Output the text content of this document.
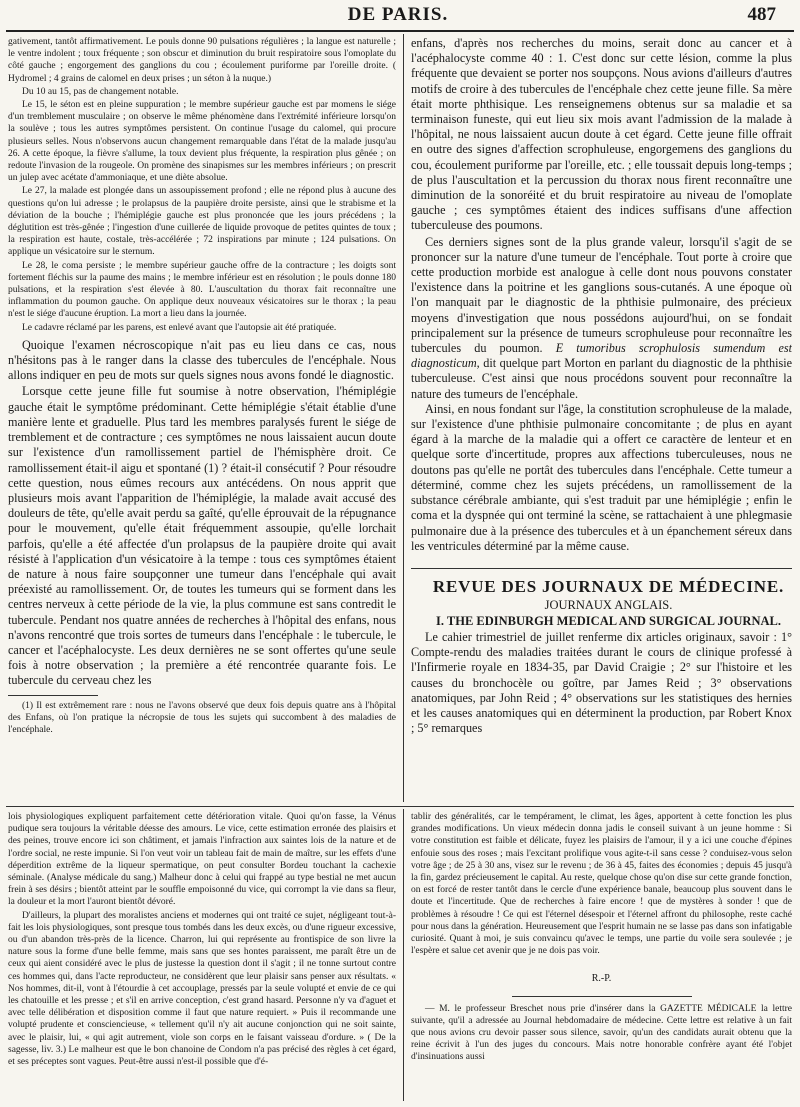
DE PARIS.	487

gativement, tantôt affirmativement. Le pouls donne 90 pulsations régulières ; la langue est naturelle ; le ventre indolent ; toux fréquente ; son obscur et diminution du bruit respiratoire sous l'omoplate du côté gauche ; engorgement des ganglions du cou ; écoulement puriforme par l'oreille droite. ( Hydromel ; 4 grains de calomel en deux prises ; un séton à la nuque.)

Du 10 au 15, pas de changement notable.

Le 15, le séton est en pleine suppuration ; le membre supérieur gauche est par momens le siége d'un tremblement musculaire ; on observe le même phénomène dans l'extrémité inférieure lorsqu'on la soulève ; tous les autres symptômes persistent. On continue l'usage du calomel, qui procure plusieurs selles. Nous n'observons aucun changement remarquable dans l'état de la malade jusqu'au 26. A cette époque, la fièvre s'allume, la toux devient plus fréquente, la respiration plus gênée ; on redoute l'invasion de la rougeole. On promène des sinapismes sur les membres inférieurs ; on prescrit un julep avec acétate d'ammoniaque, et une diète absolue.

Le 27, la malade est plongée dans un assoupissement profond ; elle ne répond plus à aucune des questions qu'on lui adresse ; le prolapsus de la paupière droite persiste, ainsi que le strabisme et la déviation de la bouche ; l'hémiplégie gauche est plus prononcée que les jours précédens ; la déglutition est très-gênée ; l'ingestion d'une cuillerée de liquide provoque de petites quintes de toux ; la respiration est haute, costale, très-accélérée ; 72 inspirations par minute ; 124 pulsations. On applique un vésicatoire sur le sternum.

Le 28, le coma persiste ; le membre supérieur gauche offre de la contracture ; les doigts sont fortement fléchis sur la paume des mains ; le membre inférieur est en résolution ; le pouls donne 180 pulsations, et la respiration s'est élevée à 80. L'auscultation du thorax fait reconnaître une inflammation du poumon gauche. On applique deux nouveaux vésicatoires sur le thorax ; la peau n'est le siége d'aucune éruption. La mort a lieu dans la journée.

Le cadavre réclamé par les parens, est enlevé avant que l'autopsie ait été pratiquée.

Quoique l'examen nécroscopique n'ait pas eu lieu dans ce cas, nous n'hésitons pas à le ranger dans la classe des tubercules de l'encéphale. Nous allons indiquer en peu de mots sur quels signes nous avons fondé le diagnostic.

Lorsque cette jeune fille fut soumise à notre observation, l'hémiplégie gauche était le symptôme prédominant. Cette hémiplégie s'était établie d'une manière lente et graduelle. Plus tard les membres paralysés furent le siége de tremblement et de contracture ; ces symptômes ne nous laissaient aucun doute sur l'existence d'un ramollissement partiel de l'hémisphère droit. Ce ramollissement était-il aigu et spontané (1) ? était-il consécutif ? Pour résoudre cette question, nous eûmes recours aux antécédens. On nous apprit que plusieurs mois avant l'apparition de l'hémiplégie, la malade avait accusé des douleurs de tête, qu'elle avait perdu sa gaîté, qu'elle éprouvait de la répugnance pour le mouvement, qu'elle était fréquemment assoupie, qu'elle lorchait parfois, qu'elle a été affectée d'un prolapsus de la paupière droite qui avait résisté à l'application d'un vésicatoire à la tempe : tous ces symptômes étaient de nature à nous faire soupçonner une tumeur dans l'encéphale qui avait préexisté au ramollissement. Or, de toutes les tumeurs qui se forment dans les centres nerveux à cette période de la vie, la plus commune est sans contredit le tubercule. Pendant nos quatre années de recherches à l'hôpital des enfans, nous n'avons rencontré que trois sortes de tumeurs dans l'encéphale : le tubercule, le cancer et l'acéphalocyste. Les deux dernières ne se sont offertes qu'une seule fois à notre observation ; la première a été rencontrée quarante fois. Le tubercule du cerveau chez les

(1) Il est extrêmement rare : nous ne l'avons observé que deux fois depuis quatre ans à l'hôpital des Enfans, où l'on pratique la nécropsie de tous les sujets qui succombent à des maladies de l'encéphale.

enfans, d'après nos recherches du moins, serait donc au cancer et à l'acéphalocyste comme 40 : 1. C'est donc sur cette lésion, comme la plus fréquente que devaient se porter nos soupçons. Nous avions d'ailleurs d'autres motifs de croire à des tubercules de l'encéphale chez cette jeune fille. Sa mère était morte phthisique. Les renseignemens obtenus sur sa maladie et sa terminaison funeste, qui eut lieu six mois avant l'admission de la malade à l'hôpital, ne nous laissaient aucun doute à cet égard. Cette jeune fille offrait en outre des signes d'affection scrophuleuse, engorgemens des ganglions du cou, écoulement puriforme par l'oreille, etc. ; elle toussait depuis long-temps ; de plus l'auscultation et la percussion du thorax nous firent reconnaître une diminution de la sonoréité et du bruit respiratoire au niveau de l'omoplate gauche ; ces symptômes étaient des indices suffisans d'une affection tuberculeuse des poumons.

Ces derniers signes sont de la plus grande valeur, lorsqu'il s'agit de se prononcer sur la nature d'une tumeur de l'encéphale. Tout porte à croire que cette production morbide est analogue à celle dont nous pouvons constater l'existence dans la poitrine et les ganglions sous-cutanés. A une époque où l'on manquait par le diagnostic de la phthisie pulmonaire, des précieux moyens d'investigation que nous possédons aujourd'hui, on se fondait principalement sur la présence de tumeurs scrophuleuse pour reconnaître les tubercules du poumon. E tumoribus scrophulosis sumendum est diagnosticum, dit quelque part Morton en parlant du diagnostic de la phthisie tuberculeuse. C'est ainsi que nous procédons souvent pour reconnaître la nature des tumeurs de l'encéphale.

Ainsi, en nous fondant sur l'âge, la constitution scrophuleuse de la malade, sur l'existence d'une phthisie pulmonaire concomitante ; de plus en ayant égard à la marche de la maladie qui a offert ce caractère de lenteur et en quelque sorte d'incertitude, propres aux affections tuberculeuses, nous ne doutons pas qu'elle ne portât des tubercules dans l'encéphale. Cette tumeur a déterminé, comme chez les sujets précédens, un ramollissement de la substance cérébrale ambiante, qui s'est traduit par une hémiplégie ; enfin le coma et la dyspnée qui ont terminé la scène, se rattachaient à une phlegmasie pulmonaire due à la présence des tubercules et à un épanchement séreux dans les ventricules déterminé par la même cause.

REVUE DES JOURNAUX DE MÉDECINE.

JOURNAUX ANGLAIS.

I. THE EDINBURGH MEDICAL AND SURGICAL JOURNAL.

Le cahier trimestriel de juillet renferme dix articles originaux, savoir : 1° Compte-rendu des maladies traitées durant le cours de clinique professé à l'Infirmerie royale en 1834-35, par David Craigie ; 2° sur l'histoire et les causes du bronchocèle ou goître, par James Reid ; 3° observations anatomiques, par John Reid ; 4° observations sur les statistiques des hernies et les causes anatomiques qui en déterminent la production, par Robert Knox ; 5° remarques

lois physiologiques expliquent parfaitement cette détérioration vitale. Quoi qu'on fasse, la Vénus pudique sera toujours la véritable déesse des amours. Le vice, cette estimation erronée des plaisirs et des peines, trouve encore ici son châtiment, et jamais l'infraction aux saintes lois de la nature et de l'ordre social, ne reste impunie. Si l'on veut voir un tableau fait de main de maître, sur les effets d'une déperdition extrême de la liqueur spermatique, on peut consulter Bordeu touchant la cachexie séminale. (Analyse médicale du sang.) Malheur donc à celui qui frappé au type bestial ne met aucun frein à ses désirs ; bientôt atteint par le souffle empoisonné du vice, qui corrompt la vie dans sa fleur, la douleur et la mort l'auront bientôt dévoré.

D'ailleurs, la plupart des moralistes anciens et modernes qui ont traité ce sujet, négligeant tout-à-fait les lois physiologiques, sont presque tous tombés dans les deux excès, ou d'une rigueur excessive, ou d'un abandon très-près de la licence. Charron, lui qui représente au frontispice de son livre la nature sous la forme d'une belle femme, mais sans que ses hontes paraissent, me paraît être un de ceux qui aient considéré avec le plus de justesse la question dont il s'agit ; il ne tonne surtout contre ces hommes qui, dans l'acte reproducteur, ne considèrent que leur plaisir sans penser aux résultats. « Nos hommes, dit-il, vont à l'étourdie à cet accouplage, pressés par la seule volupté et envie de ce qui les chatouille et les presse ; et s'il en arrive conception, c'est grand hasard. Personne n'y va d'aguet et avec telle délibération et disposition comme il faut que nature requiert. » Puis il recommande une volupté prudente et consciencieuse, « tellement qu'il n'y ait aucune conjonction qui ne soit sainte, avec le plaisir, lui, « qui agit autrement, viole son corps en le faisant vaisseau d'ordure. » ( De la sagesse, liv. 3.) Le malheur est que le bon chanoine de Condom n'a pas précisé des règles à cet égard, et ses préceptes sont vagues. Peut-être aussi n'est-il possible que d'é-

tablir des généralités, car le tempérament, le climat, les âges, apportent à cette fonction les plus grandes modifications. Un vieux médecin donna jadis le conseil suivant à un jeune homme : Si votre constitution est faible et délicate, fuyez les plaisirs de l'amour, il y a ici une couche d'épines enfouie sous des roses ; mais l'excitant prolifique vous agite-t-il sans cesse ? conduisez-vous selon votre âge ; de 25 à 30 ans, visez sur le revenu ; de 36 à 45, faites des économies ; depuis 45 jusqu'à la fin, gardez précieusement le capital. Au reste, quelque chose qu'on dise sur cette grande fonction, on est forcé de rester tantôt dans le cercle d'une expérience banale, beaucoup plus souvent dans le doute et l'incertitude. Que de recherches à faire encore ! que de mystères à sonder ! que de problèmes à résoudre ! Ce qui est l'éternel désespoir et l'éternel affront du philosophe, reste caché pour nous dans la génération. Heureusement que l'esprit humain ne se lasse pas dans son infatigable curiosité. Quant à moi, je suis convaincu qu'avec le temps, une partie du voile sera soulevée ; je l'espère et salue cet avenir que je ne dois pas voir.

R.-P.

— M. le professeur Breschet nous prie d'insérer dans la GAZETTE MÉDICALE la lettre suivante, qu'il a adressée au Journal hebdomadaire de médecine. Cette lettre est relative à un fait que nous avions cru devoir passer sous silence, savoir, qu'un des candidats aurait obtenu que la reine écrivit à l'un des juges du concours. Mais notre honorable confrère ayant été l'objet d'insinuations aussi
